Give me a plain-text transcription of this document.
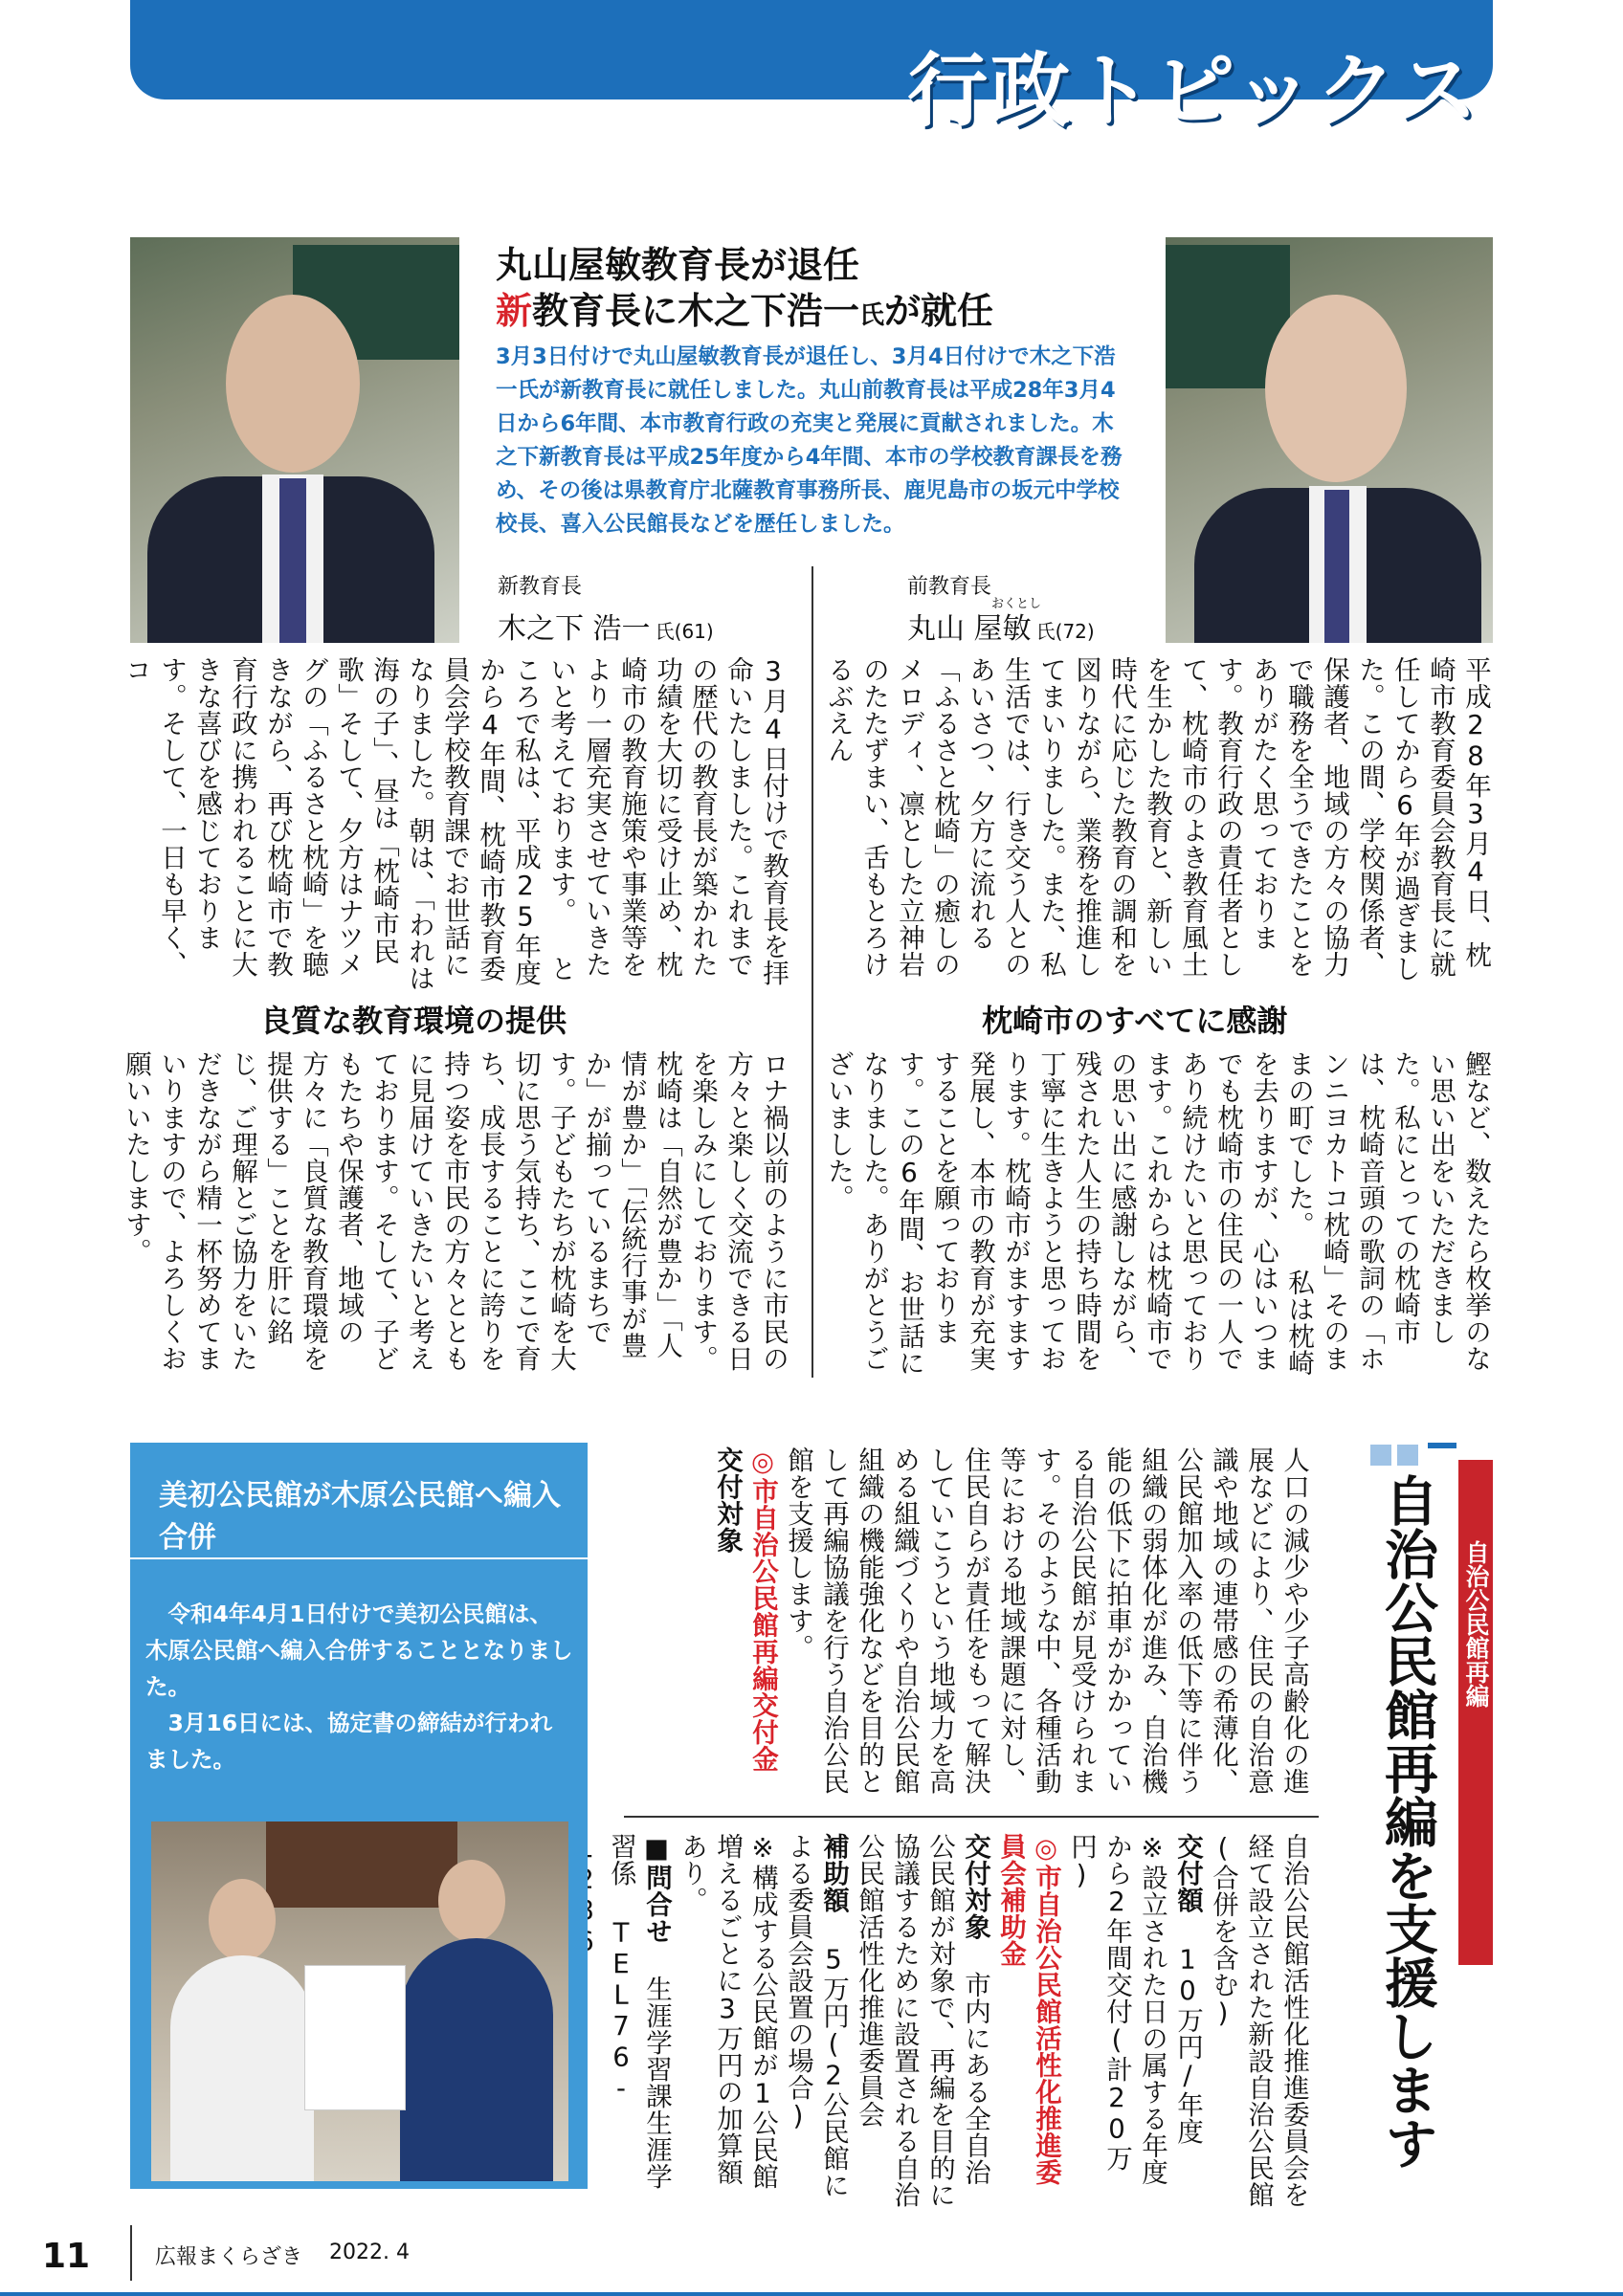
行政トピックス
丸山屋敏教育長が退任
新教育長に木之下浩一氏が就任
3月3日付けで丸山屋敏教育長が退任し、3月4日付けで木之下浩一氏が新教育長に就任しました。丸山前教育長は平成28年3月4日から6年間、本市教育行政の充実と発展に貢献されました。木之下新教育長は平成25年度から4年間、本市の学校教育課長を務め、その後は県教育庁北薩教育事務所長、鹿児島市の坂元中学校校長、喜入公民館長などを歴任しました。
新教育長
木之下 浩一 氏(61)
前教育長
おくとし
丸山 屋敏 氏(72)
平成28年3月4日、枕崎市教育委員会教育長に就任してから6年が過ぎました。この間、学校関係者、保護者、地域の方々の協力で職務を全うできたことをありがたく思っております。教育行政の責任者として、枕崎市のよき教育風土を生かした教育と、新しい時代に応じた教育の調和を図りながら、業務を推進してまいりました。また、私生活では、行き交う人とのあいさつ、夕方に流れる「ふるさと枕崎」の癒しのメロディ、凛とした立神岩のたたずまい、舌もとろけるぶえん
枕崎市のすべてに感謝
鰹など、数えたら枚挙のない思い出をいただきました。私にとっての枕崎市は、枕崎音頭の歌詞の「ホンニヨカトコ枕崎」そのままの町でした。 私は枕崎を去りますが、心はいつまでも枕崎市の住民の一人であり続けたいと思っております。これからは枕崎市での思い出に感謝しながら、残された人生の持ち時間を丁寧に生きようと思っております。枕崎市がますます発展し、本市の教育が充実することを願っております。この6年間、お世話になりました。ありがとうございました。
3月4日付けで教育長を拝命いたしました。これまでの歴代の教育長が築かれた功績を大切に受け止め、枕崎市の教育施策や事業等をより一層充実させていきたいと考えております。 ところで私は、平成25年度から4年間、枕崎市教育委員会学校教育課でお世話になりました。朝は、「われは海の子」、昼は「枕崎市民歌」そして、夕方はナツメグの「ふるさと枕崎」を聴きながら、再び枕崎市で教育行政に携われることに大きな喜びを感じております。そして、一日も早く、コ
良質な教育環境の提供
ロナ禍以前のように市民の方々と楽しく交流できる日を楽しみにしております。 枕崎は「自然が豊か」「人情が豊か」「伝統行事が豊か」が揃っているまちです。子どもたちが枕崎を大切に思う気持ち、ここで育ち、成長することに誇りを持つ姿を市民の方々とともに見届けていきたいと考えております。そして、子どもたちや保護者、地域の方々に「良質な教育環境を提供する」ことを肝に銘じ、ご理解とご協力をいただきながら精一杯努めてまいりますので、よろしくお願いいたします。
自治公民館再編
自治公民館再編を支援します
人口の減少や少子高齢化の進展などにより、住民の自治意識や地域の連帯感の希薄化、公民館加入率の低下等に伴う組織の弱体化が進み、自治機能の低下に拍車がかかっている自治公民館が見受けられます。そのような中、各種活動等における地域課題に対し、住民自らが責任をもって解決していこうという地域力を高める組織づくりや自治公民館組織の機能強化などを目的として再編協議を行う自治公民館を支援します。
◎市自治公民館再編交付金
交付対象
自治公民館活性化推進委員会を経て設立された新設自治公民館(合併を含む)
交付額 10万円/年度
※設立された日の属する年度から2年間交付(計20万円)
◎市自治公民館活性化推進委員会補助金
交付対象 市内にある全自治公民館が対象で、再編を目的に協議するために設置される自治公民館活性化推進委員会
補助額 5万円(2公民館による委員会設置の場合)
※構成する公民館が1公民館増えるごとに3万円の加算額あり。
■問合せ 生涯学習課生涯学習係 TEL76-
美初公民館が木原公民館へ編入合併
令和4年4月1日付けで美初公民館は、木原公民館へ編入合併することとなりました。
3月16日には、協定書の締結が行われました。
11	広報まくらざき 2022. 4
